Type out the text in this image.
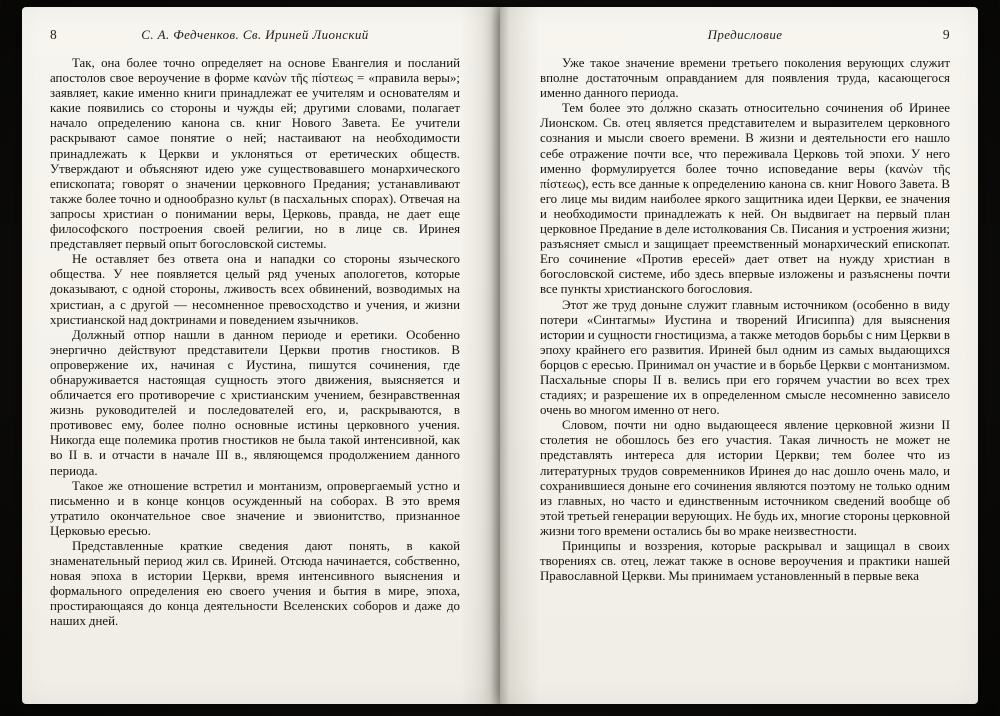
8	С. А. Федченков. Св. Ириней Лионский

Так, она более точно определяет на основе Евангелия и посланий апостолов свое вероучение в форме κανὼν τῆς πίστεως = «правила веры»; заявляет, какие именно книги принадлежат ее учителям и основателям и какие появились со стороны и чужды ей; другими словами, полагает начало определению канона св. книг Нового Завета. Ее учители раскрывают самое понятие о ней; настаивают на необходимости принадлежать к Церкви и уклоняться от еретических обществ. Утверждают и объясняют идею уже существовавшего монархического епископата; говорят о значении церковного Предания; устанавливают также более точно и однообразно культ (в пасхальных спорах). Отвечая на запросы христиан о понимании веры, Церковь, правда, не дает еще философского построения своей религии, но в лице св. Иринея представляет первый опыт богословской системы.

Не оставляет без ответа она и нападки со стороны языческого общества. У нее появляется целый ряд ученых апологетов, которые доказывают, с одной стороны, лживость всех обвинений, возводимых на христиан, а с другой — несомненное превосходство и учения, и жизни христианской над доктринами и поведением язычников.

Должный отпор нашли в данном периоде и еретики. Особенно энергично действуют представители Церкви против гностиков. В опровержение их, начиная с Иустина, пишутся сочинения, где обнаруживается настоящая сущность этого движения, выясняется и обличается его противоречие с христианским учением, безнравственная жизнь руководителей и последователей его, и, раскрываются, в противовес ему, более полно основные истины церковного учения. Никогда еще полемика против гностиков не была такой интенсивной, как во II в. и отчасти в начале III в., являющемся продолжением данного периода.

Такое же отношение встретил и монтанизм, опровергаемый устно и письменно и в конце концов осужденный на соборах. В это время утратило окончательное свое значение и эвионитство, признанное Церковью ересью.

Представленные краткие сведения дают понять, в какой знаменательный период жил св. Ириней. Отсюда начинается, собственно, новая эпоха в истории Церкви, время интенсивного выяснения и формального определения ею своего учения и бытия в мире, эпоха, простирающаяся до конца деятельности Вселенских соборов и даже до наших дней.

Предисловие	9

Уже такое значение времени третьего поколения верующих служит вполне достаточным оправданием для появления труда, касающегося именно данного периода.

Тем более это до́лжно сказать относительно сочинения об Иринее Лионском. Св. отец является представителем и выразителем церковного сознания и мысли своего времени. В жизни и деятельности его нашло себе отражение почти все, что переживала Церковь той эпохи. У него именно формулируется более точно исповедание веры (κανὼν τῆς πίστεως), есть все данные к определению канона св. книг Нового Завета. В его лице мы видим наиболее яркого защитника идеи Церкви, ее значения и необходимости принадлежать к ней. Он выдвигает на первый план церковное Предание в деле истолкования Св. Писания и устроения жизни; разъясняет смысл и защищает преемственный монархический епископат. Его сочинение «Против ересей» дает ответ на нужду христиан в богословской системе, ибо здесь впервые изложены и разъяснены почти все пункты христианского богословия.

Этот же труд доныне служит главным источником (особенно в виду потери «Синтагмы» Иустина и творений Игисиппа) для выяснения истории и сущности гностицизма, а также методов борьбы с ним Церкви в эпоху крайнего его развития. Ириней был одним из самых выдающихся борцов с ересью. Принимал он участие и в борьбе Церкви с монтанизмом. Пасхальные споры II в. велись при его горячем участии во всех трех стадиях; и разрешение их в определенном смысле несомненно зависело очень во многом именно от него.

Словом, почти ни одно выдающееся явление церковной жизни II столетия не обошлось без его участия. Такая личность не может не представлять интереса для истории Церкви; тем более что из литературных трудов современников Иринея до нас дошло очень мало, и сохранившиеся доныне его сочинения являются поэтому не только одним из главных, но часто и единственным источником сведений вообще об этой третьей генерации верующих. Не будь их, многие стороны церковной жизни того времени остались бы во мраке неизвестности.

Принципы и воззрения, которые раскрывал и защищал в своих творениях св. отец, лежат также в основе вероучения и практики нашей Православной Церкви. Мы принимаем установленный в первые века
